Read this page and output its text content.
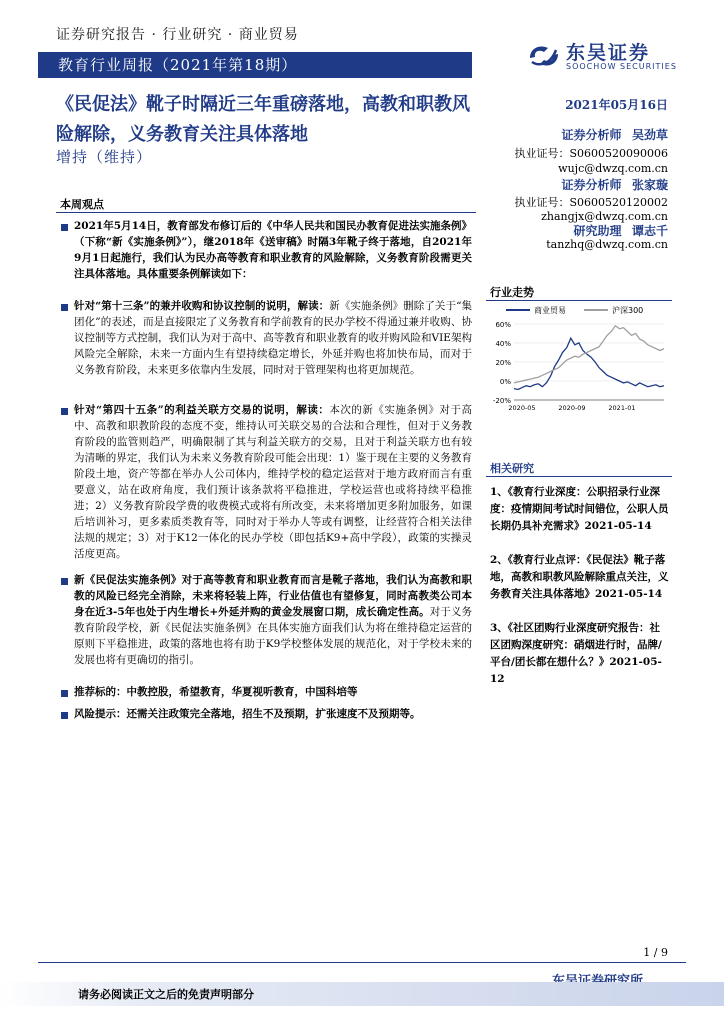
证券研究报告 · 行业研究 · 商业贸易
教育行业周报（2021年第18期）
东吴证券
SOOCHOW SECURITIES
《民促法》靴子时隔近三年重磅落地，高教和职教风险解除，义务教育关注具体落地
增持（维持）
2021年05月16日
证券分析师 吴劲草
执业证号：S0600520090006
wujc@dwzq.com.cn
证券分析师 张家璇
执业证号：S0600520120002
zhangjx@dwzq.com.cn
研究助理 谭志千
tanzhq@dwzq.com.cn
本周观点
2021年5月14日，教育部发布修订后的《中华人民共和国民办教育促进法实施条例》（下称“新《实施条例》”），继2018年《送审稿》时隔3年靴子终于落地，自2021年9月1日起施行，我们认为民办高等教育和职业教育的风险解除，义务教育阶段需更关注具体落地。具体重要条例解读如下：
针对“第十三条”的兼并收购和协议控制的说明，解读：新《实施条例》删除了关于“集团化”的表述，而是直接限定了义务教育和学前教育的民办学校不得通过兼并收购、协议控制等方式控制，我们认为对于高中、高等教育和职业教育的收并购风险和VIE架构风险完全解除，未来一方面内生有望持续稳定增长，外延并购也将加快布局，而对于义务教育阶段，未来更多依靠内生发展，同时对于管理架构也将更加规范。
针对“第四十五条”的利益关联方交易的说明，解读：本次的新《实施条例》对于高中、高教和职教阶段的态度不变，维持认可关联交易的合法和合理性，但对于义务教育阶段的监管则趋严，明确限制了其与利益关联方的交易，且对于利益关联方也有较为清晰的界定，我们认为未来义务教育阶段可能会出现：1）鉴于现在主要的义务教育阶段土地，资产等都在举办人公司体内，维持学校的稳定运营对于地方政府而言有重要意义，站在政府角度，我们预计该条款将平稳推进，学校运营也或将持续平稳推进；2）义务教育阶段学费的收费模式或将有所改变，未来将增加更多附加服务，如课后培训补习，更多素质类教育等，同时对于举办人等或有调整，让经营符合相关法律法规的规定；3）对于K12一体化的民办学校（即包括K9+高中学段），政策的实操灵活度更高。
新《民促法实施条例》对于高等教育和职业教育而言是靴子落地，我们认为高教和职教的风险已经完全消除，未来将轻装上阵，行业估值也有望修复，同时高教类公司本身在近3-5年也处于内生增长+外延并购的黄金发展窗口期，成长确定性高。对于义务教育阶段学校，新《民促法实施条例》在具体实施方面我们认为将在维持稳定运营的原则下平稳推进，政策的落地也将有助于K9学校整体发展的规范化，对于学校未来的发展也将有更确切的指引。
推荐标的：中教控股，希望教育，华夏视听教育，中国科培等
风险提示：还需关注政策完全落地，招生不及预期，扩张速度不及预期等。
行业走势
商业贸易	沪深300
-20%
0%
20%
40%
60%
2020-05	2020-09	2021-01
相关研究
1、《教育行业深度：公职招录行业深度：疫情期间考试时间错位，公职人员长期仍具补充需求》2021-05-14
2、《教育行业点评：《民促法》靴子落地，高教和职教风险解除重点关注，义务教育关注具体落地》2021-05-14
3、《社区团购行业深度研究报告：社区团购深度研究：硝烟进行时，品牌/平台/团长都在想什么？》2021-05-12
1 / 9
请务必阅读正文之后的免责声明部分
